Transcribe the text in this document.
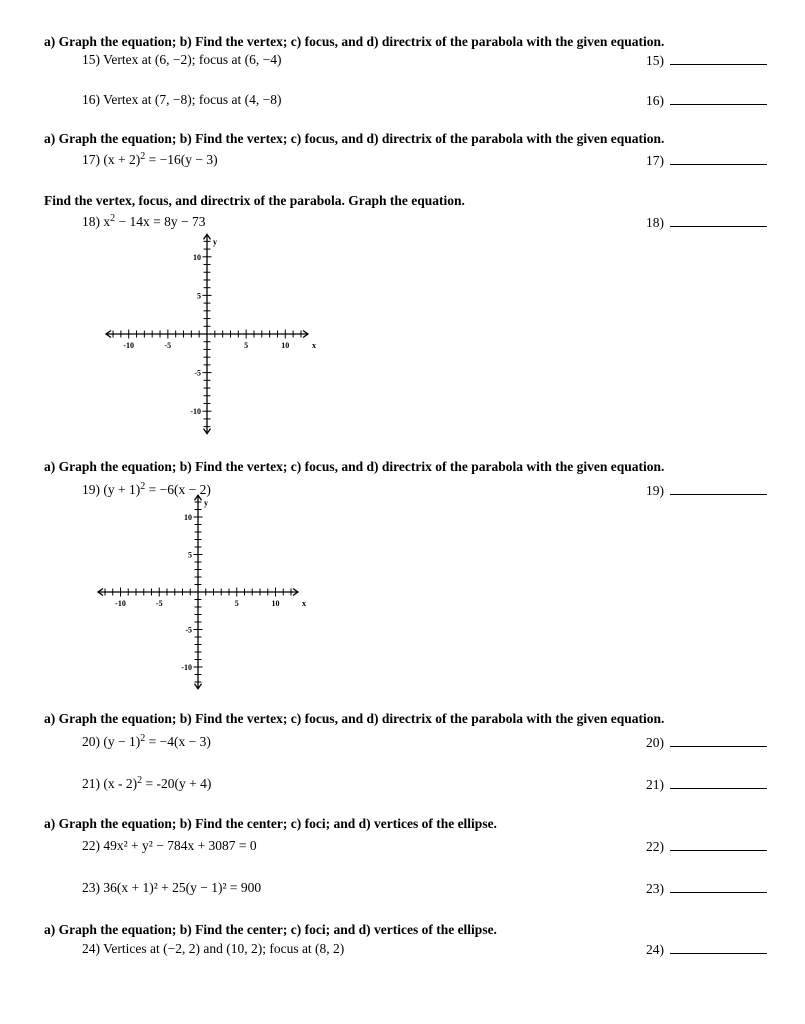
a) Graph the equation; b) Find the vertex; c) focus, and d) directrix of the parabola with the given equation.
15) Vertex at (6, −2); focus at (6, −4)	15)
16) Vertex at (7, −8); focus at (4, −8)	16)
a) Graph the equation; b) Find the vertex; c) focus, and d) directrix of the parabola with the given equation.
17) $(x + 2)^2 = -16(y - 3)$	17)
Find the vertex, focus, and directrix of the parabola. Graph the equation.
18) $x^2 - 14x = 8y - 73$	18)
-10	-5	5	10
10
5
-5
-10
x
y
a) Graph the equation; b) Find the vertex; c) focus, and d) directrix of the parabola with the given equation.
19) $(y + 1)^2 = -6(x - 2)$	19)
-10	-5	5	10
10
5
-5
-10
x
y
a) Graph the equation; b) Find the vertex; c) focus, and d) directrix of the parabola with the given equation.
20) $(y - 1)^2 = -4(x - 3)$	20)
21) (x - 2)$^2$ = -20(y + 4)	21)
a) Graph the equation; b) Find the center; c) foci; and d) vertices of the ellipse.
22) 49x² + y² − 784x + 3087 = 0	22)
23) 36(x + 1)² + 25(y − 1)² = 900	23)
a) Graph the equation; b) Find the center; c) foci; and d) vertices of the ellipse.
24) Vertices at (−2, 2) and (10, 2); focus at (8, 2)	24)
